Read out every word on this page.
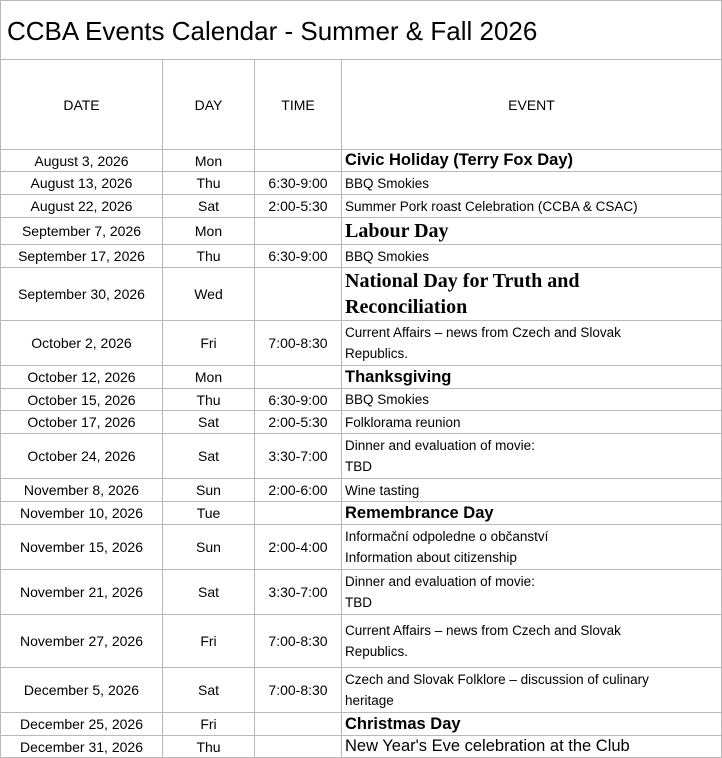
CCBA Events Calendar - Summer & Fall 2026			
DATE	DAY	TIME	EVENT
August 3, 2026	Mon		Civic Holiday (Terry Fox Day)

August 13, 2026	Thu	6:30-9:00	BBQ Smokies

August 22, 2026	Sat	2:00-5:30	Summer Pork roast Celebration (CCBA & CSAC)

September 7, 2026	Mon		Labour Day

September 17, 2026	Thu	6:30-9:00	BBQ Smokies

September 30, 2026	Wed		National Day for Truth and
Reconciliation

October 2, 2026	Fri	7:00-8:30	Current Affairs – news from Czech and Slovak
Republics.

October 12, 2026	Mon		Thanksgiving

October 15, 2026	Thu	6:30-9:00	BBQ Smokies

October 17, 2026	Sat	2:00-5:30	Folklorama reunion

October 24, 2026	Sat	3:30-7:00	Dinner and evaluation of movie:
TBD

November 8, 2026	Sun	2:00-6:00	Wine tasting

November 10, 2026	Tue		Remembrance Day

November 15, 2026	Sun	2:00-4:00	Informační odpoledne o občanství
Information about citizenship

November 21, 2026	Sat	3:30-7:00	Dinner and evaluation of movie:
TBD

November 27, 2026	Fri	7:00-8:30	Current Affairs – news from Czech and Slovak
Republics.

December 5, 2026	Sat	7:00-8:30	Czech and Slovak Folklore – discussion of culinary
heritage

December 25, 2026	Fri		Christmas Day

December 31, 2026	Thu		New Year's Eve celebration at the Club
